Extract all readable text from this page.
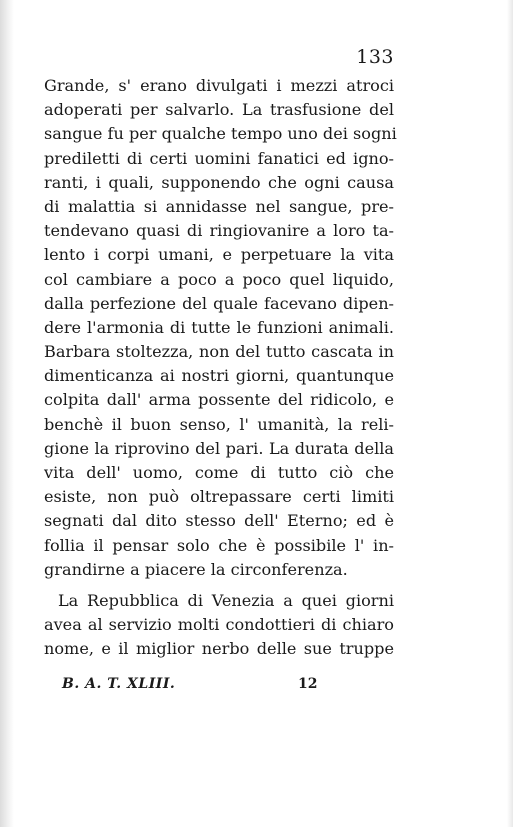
133
Grande, s' erano divulgati i mezzi atroci
adoperati per salvarlo. La trasfusione del
sangue fu per qualche tempo uno dei sogni
prediletti di certi uomini fanatici ed igno-
ranti, i quali, supponendo che ogni causa
di malattia si annidasse nel sangue, pre-
tendevano quasi di ringiovanire a loro ta-
lento i corpi umani, e perpetuare la vita
col cambiare a poco a poco quel liquido,
dalla perfezione del quale facevano dipen-
dere l'armonia di tutte le funzioni animali.
Barbara stoltezza, non del tutto cascata in
dimenticanza ai nostri giorni, quantunque
colpita dall' arma possente del ridicolo, e
benchè il buon senso, l' umanità, la reli-
gione la riprovino del pari. La durata della
vita dell' uomo, come di tutto ciò che
esiste, non può oltrepassare certi limiti
segnati dal dito stesso dell' Eterno; ed è
follia il pensar solo che è possibile l' in-
grandirne a piacere la circonferenza.
La Repubblica di Venezia a quei giorni
avea al servizio molti condottieri di chiaro
nome, e il miglior nerbo delle sue truppe
B. A. T. XLIII.	12
